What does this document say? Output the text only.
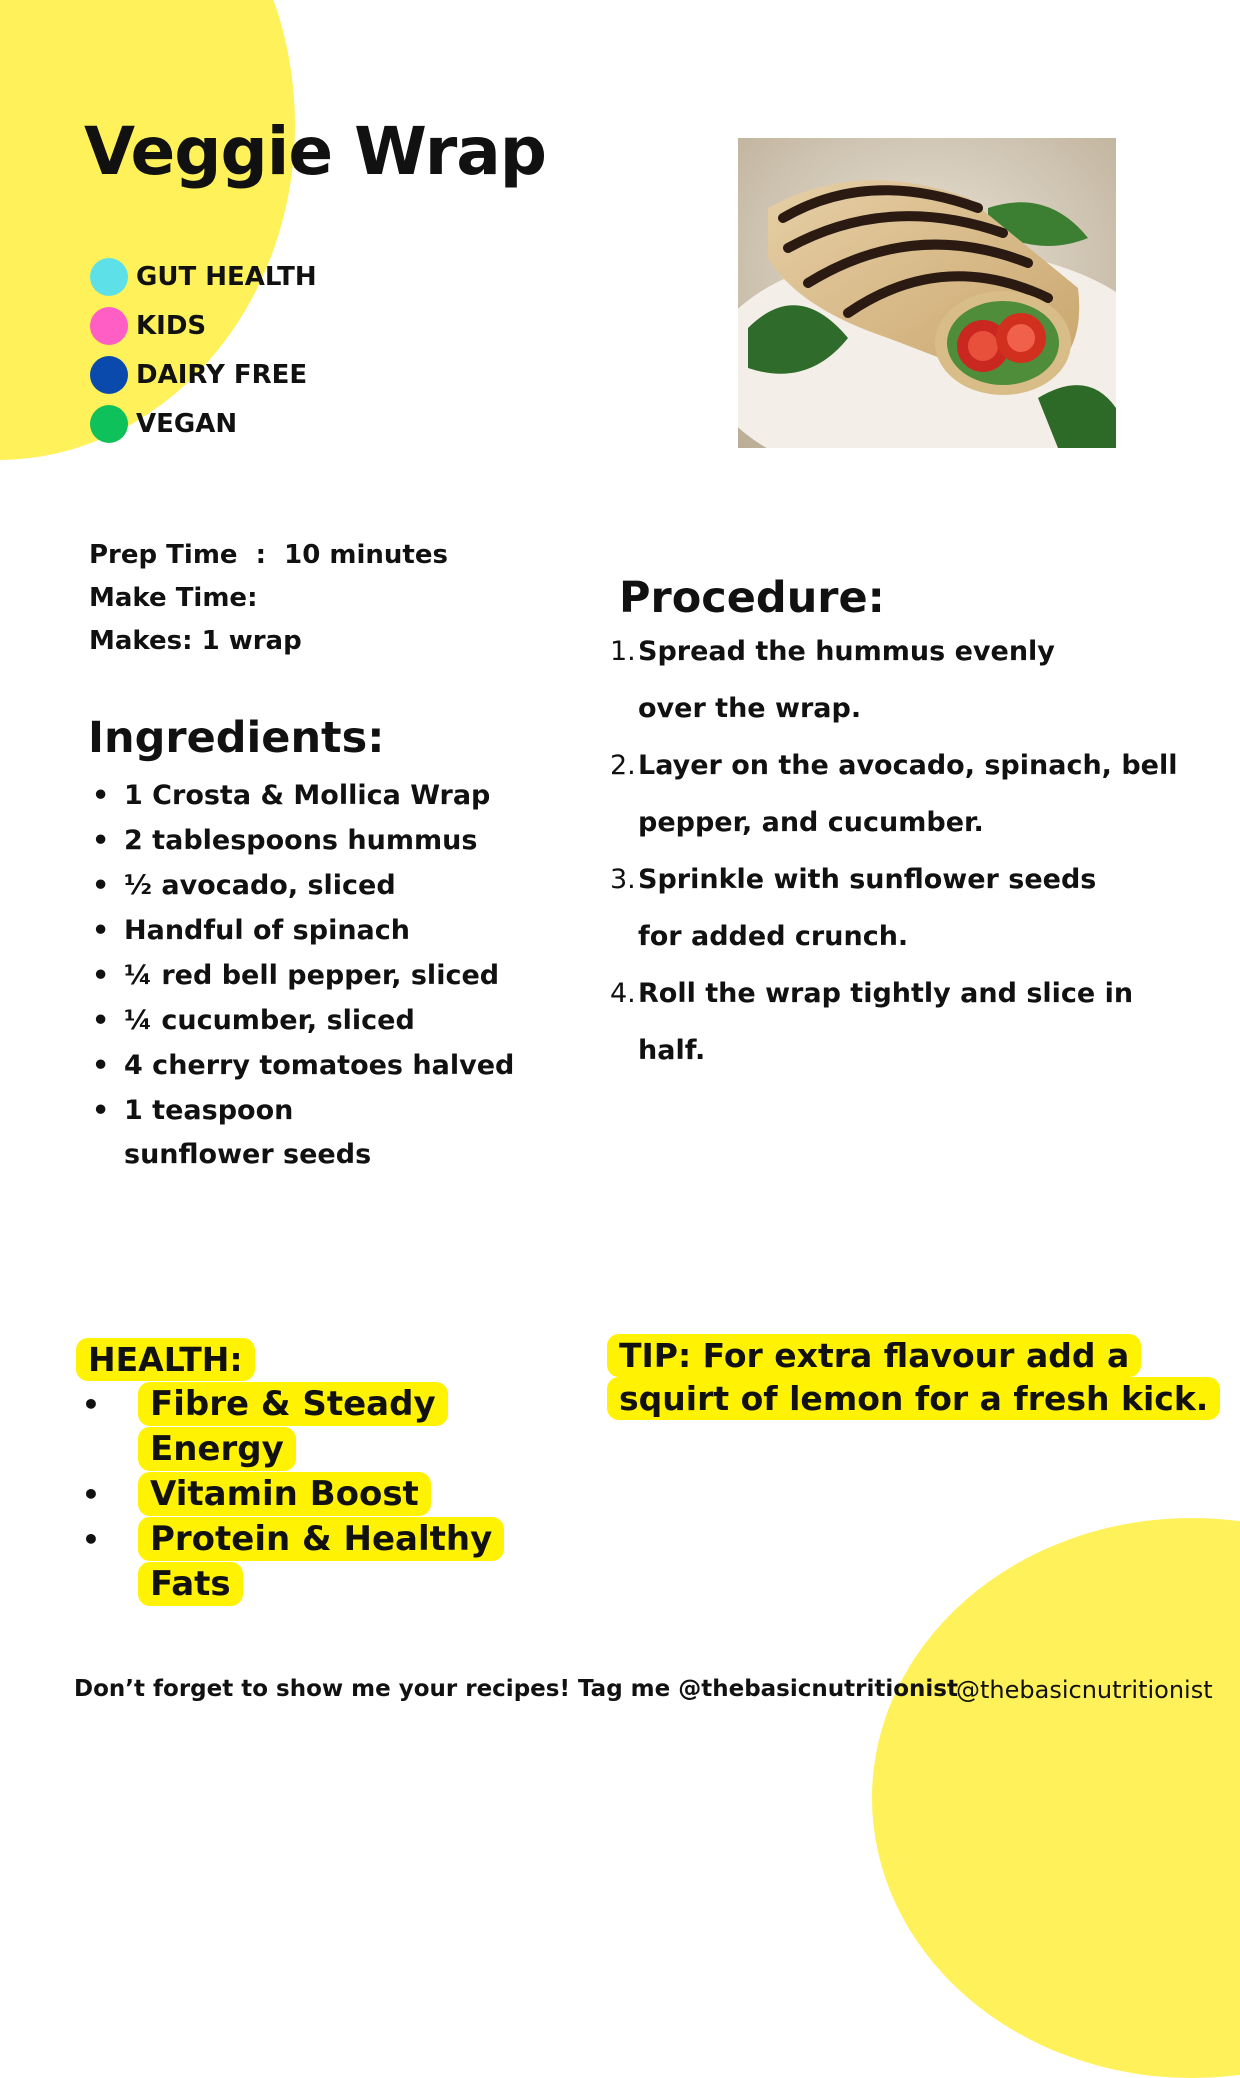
Veggie Wrap
GUT HEALTH
KIDS
DAIRY FREE
VEGAN
Prep Time  :  10 minutes
Make Time:
Makes: 1 wrap
Ingredients:
• 1 Crosta & Mollica Wrap
• 2 tablespoons hummus
• ½ avocado, sliced
• Handful of spinach
• ¼ red bell pepper, sliced
• ¼ cucumber, sliced
• 4 cherry tomatoes halved
• 1 teaspoon sunflower seeds
Procedure:
1. Spread the hummus evenly over the wrap.
2. Layer on the avocado, spinach, bell pepper, and cucumber.
3. Sprinkle with sunflower seeds for added crunch.
4. Roll the wrap tightly and slice in half.
HEALTH:
• Fibre & Steady Energy
• Vitamin Boost
• Protein & Healthy Fats
TIP: For extra flavour add a squirt of lemon for a fresh kick.
Don’t forget to show me your recipes! Tag me @thebasicnutritionist
@thebasicnutritionist
